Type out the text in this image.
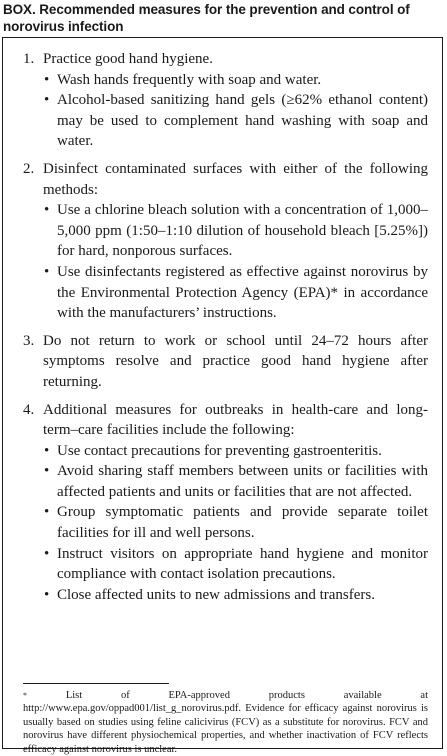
BOX. Recommended measures for the prevention and control of norovirus infection
1. Practice good hand hygiene.
• Wash hands frequently with soap and water.
• Alcohol-based sanitizing hand gels (≥62% ethanol content) may be used to complement hand washing with soap and water.
2. Disinfect contaminated surfaces with either of the following methods:
• Use a chlorine bleach solution with a concentration of 1,000–5,000 ppm (1:50–1:10 dilution of household bleach [5.25%]) for hard, nonporous surfaces.
• Use disinfectants registered as effective against norovirus by the Environmental Protection Agency (EPA)* in accordance with the manufacturers’ instructions.
3. Do not return to work or school until 24–72 hours after symptoms resolve and practice good hand hygiene after returning.
4. Additional measures for outbreaks in health-care and long-term–care facilities include the following:
• Use contact precautions for preventing gastroenteritis.
• Avoid sharing staff members between units or facilities with affected patients and units or facilities that are not affected.
• Group symptomatic patients and provide separate toilet facilities for ill and well persons.
• Instruct visitors on appropriate hand hygiene and monitor compliance with contact isolation precautions.
• Close affected units to new admissions and transfers.
*	List of EPA-approved products available at http://www.epa.gov/oppad001/list_g_norovirus.pdf. Evidence for efficacy against norovirus is usually based on studies using feline calicivirus (FCV) as a substitute for norovirus. FCV and norovirus have different physiochemical properties, and whether inactivation of FCV reflects efficacy against norovirus is unclear.
